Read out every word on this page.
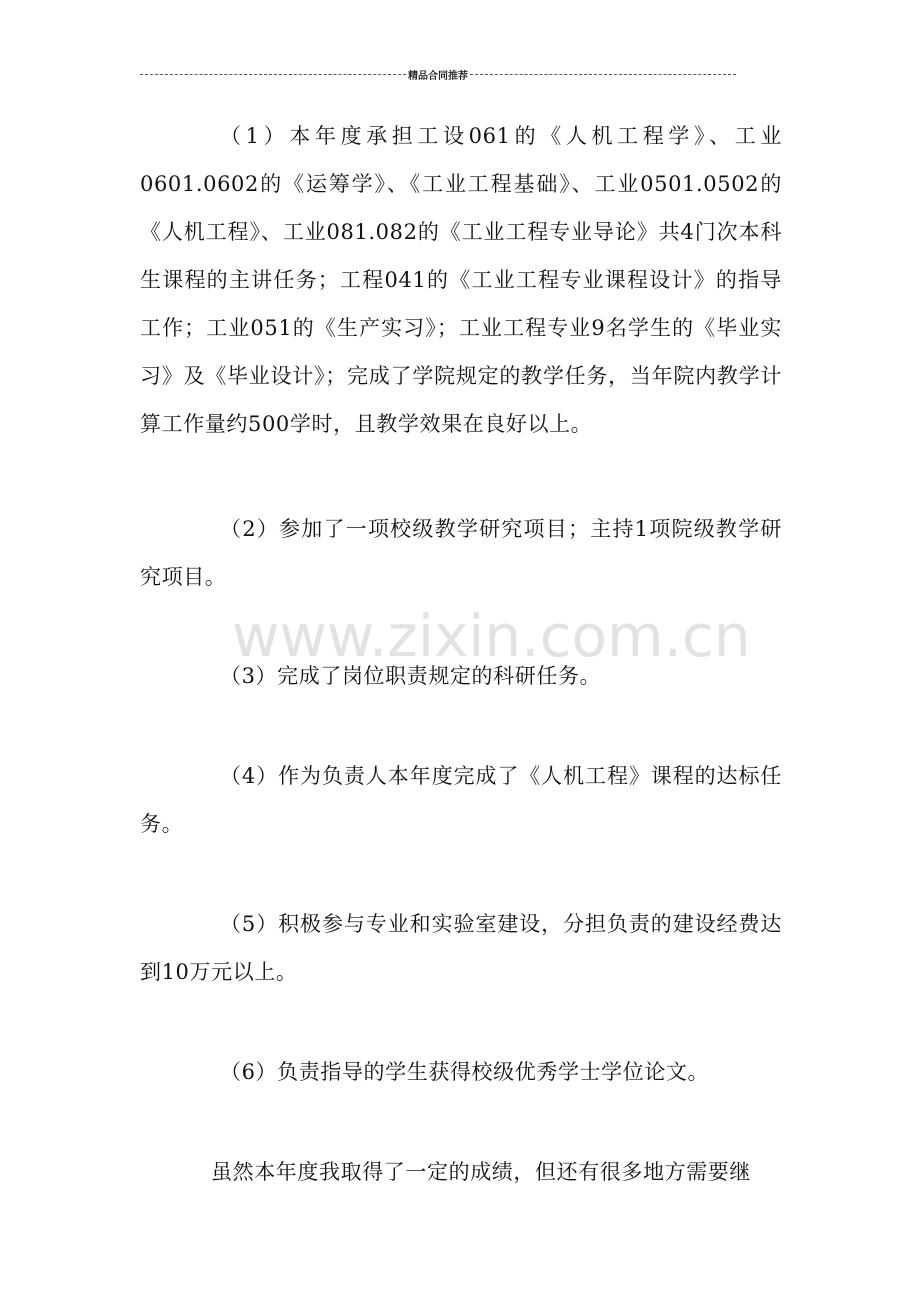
精品合同推荐

（1）本年度承担工设061的《人机工程学》、工业0601.0602的《运筹学》、《工业工程基础》、工业0501.0502的《人机工程》、工业081.082的《工业工程专业导论》共4门次本科生课程的主讲任务；工程041的《工业工程专业课程设计》的指导工作；工业051的《生产实习》；工业工程专业9名学生的《毕业实习》及《毕业设计》；完成了学院规定的教学任务，当年院内教学计算工作量约500学时，且教学效果在良好以上。

（2）参加了一项校级教学研究项目；主持1项院级教学研究项目。

（3）完成了岗位职责规定的科研任务。

（4）作为负责人本年度完成了《人机工程》课程的达标任务。

（5）积极参与专业和实验室建设，分担负责的建设经费达到10万元以上。

（6）负责指导的学生获得校级优秀学士学位论文。

虽然本年度我取得了一定的成绩，但还有很多地方需要继

www.zixin.com.cn
